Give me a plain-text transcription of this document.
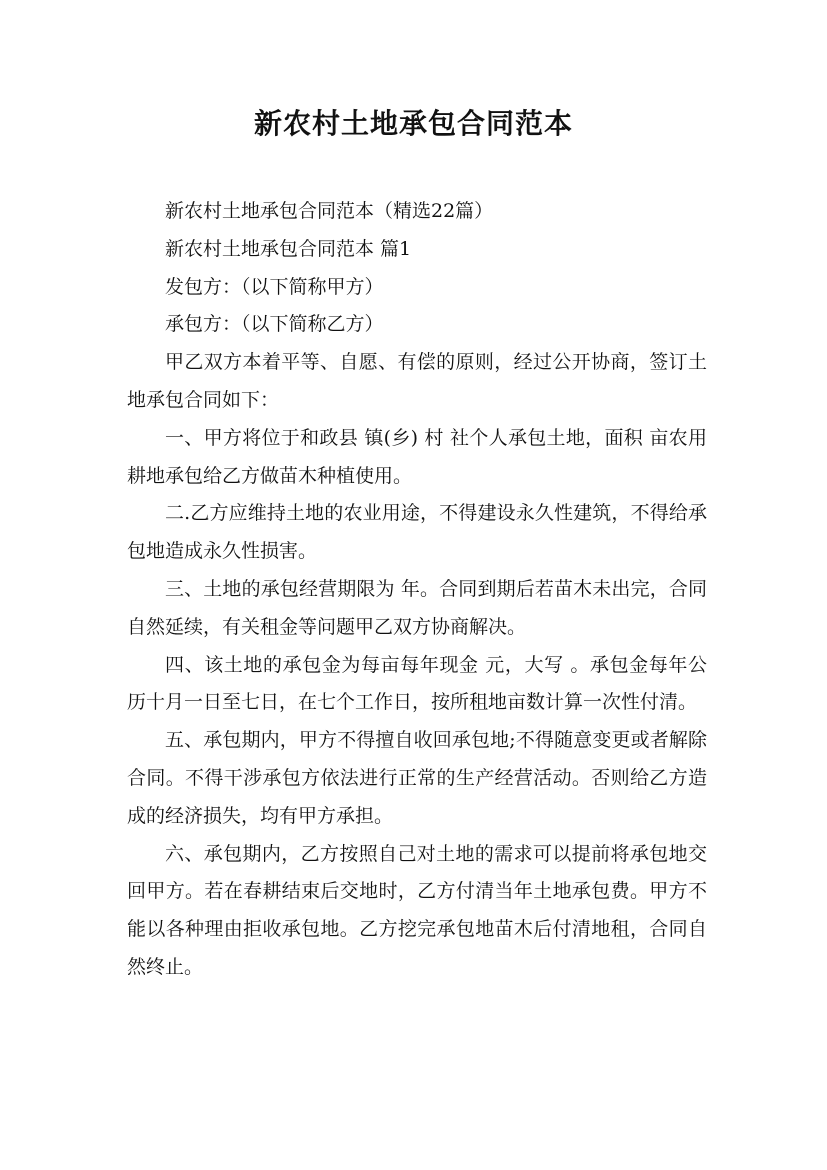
新农村土地承包合同范本

新农村土地承包合同范本（精选22篇）

新农村土地承包合同范本 篇1

发包方：（以下简称甲方）

承包方：（以下简称乙方）

甲乙双方本着平等、自愿、有偿的原则，经过公开协商，签订土地承包合同如下：

一、甲方将位于和政县 镇(乡) 村 社个人承包土地，面积 亩农用耕地承包给乙方做苗木种植使用。

二.乙方应维持土地的农业用途，不得建设永久性建筑，不得给承包地造成永久性损害。

三、土地的承包经营期限为 年。合同到期后若苗木未出完，合同自然延续，有关租金等问题甲乙双方协商解决。

四、该土地的承包金为每亩每年现金 元，大写 。承包金每年公历十月一日至七日，在七个工作日，按所租地亩数计算一次性付清。

五、承包期内，甲方不得擅自收回承包地;不得随意变更或者解除合同。不得干涉承包方依法进行正常的生产经营活动。否则给乙方造成的经济损失，均有甲方承担。

六、承包期内，乙方按照自己对土地的需求可以提前将承包地交回甲方。若在春耕结束后交地时，乙方付清当年土地承包费。甲方不能以各种理由拒收承包地。乙方挖完承包地苗木后付清地租，合同自然终止。
